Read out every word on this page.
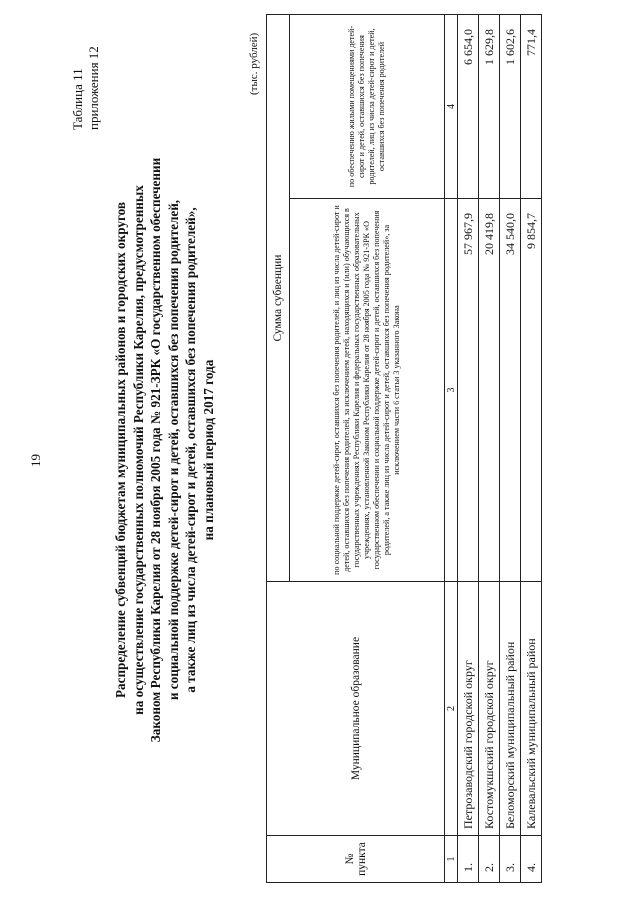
19
Таблица 11 приложения 12
Распределение субвенций бюджетам муниципальных районов и городских округов на осуществление государственных полномочий Республики Карелия, предусмотренных Законом Республики Карелия от 28 ноября 2005 года № 921-ЗРК «О государственном обеспечении и социальной поддержке детей-сирот и детей, оставшихся без попечения родителей, а также лиц из числа детей-сирот и детей, оставшихся без попечения родителей», на плановый период 2017 года
(тыс. рублей)
№ пункта	Муниципальное образование	Сумма субвенции	
		по социальной поддержке детей-сирот, оставшихся без попечения родителей, и лиц из числа детей-сирот и детей, оставшихся без попечения родителей, за исключением детей, находящихся и (или) обучающихся в государственных учреждениях Республики Карелия и федеральных государственных образовательных учреждениях, установленной Законом Республики Карелия от 28 ноября 2005 года № 921-ЗРК «О государственном обеспечении и социальной поддержке детей-сирот и детей, оставшихся без попечения родителей, а также лиц из числа детей-сирот и детей, оставшихся без попечения родителей», за исключением части 6 статьи 3 указанного Закона	по обеспечению жилыми помещениями детей-сирот и детей, оставшихся без попечения родителей, лиц из числа детей-сирот и детей, оставшихся без попечения родителей
1	2	3	4
1.	Петрозаводский городской округ	57 967,9	6 654,0
2.	Костомукшский городской округ	20 419,8	1 629,8
3.	Беломорский муниципальный район	34 540,0	1 602,6
4.	Калевальский муниципальный район	9 854,7	771,4
